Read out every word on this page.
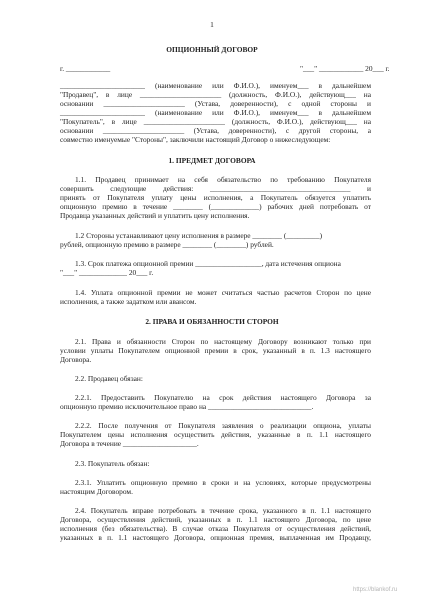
1
ОПЦИОННЫЙ ДОГОВОР
г. ____________	"___" ____________ 20___ г.
_______________________ (наименование или Ф.И.О.), именуем___ в дальнейшем
"Продавец", в лице ______________________ (должность, Ф.И.О.), действующ___ на
основании ______________________ (Устава, доверенности), с одной стороны и
_______________________ (наименование или Ф.И.О.), именуем___ в дальнейшем
"Покупатель", в лице ______________________ (должность, Ф.И.О.), действующ___ на
основании ______________________ (Устава, доверенности), с другой стороны, а
совместно именуемые "Стороны", заключили настоящий Договор о нижеследующем:
1. ПРЕДМЕТ ДОГОВОРА
1.1. Продавец принимает на себя обязательство по требованию Покупателя
совершить следующие действия: ______________________________________ и
принять от Покупателя уплату цены исполнения, а Покупатель обязуется уплатить
опционную премию в течение ________ (_____________) рабочих дней потребовать от
Продавца указанных действий и уплатить цену исполнения.
1.2 Стороны устанавливают цену исполнения в размере ________ (_________)
рублей, опционную премию в размере ________ (________) рублей.
1.3. Срок платежа опционной премии __________________, дата истечения опциона
"___" _____________ 20___ г.
1.4. Уплата опционной премии не может считаться частью расчетов Сторон по цене
исполнения, а также задатком или авансом.
2. ПРАВА И ОБЯЗАННОСТИ СТОРОН
2.1. Права и обязанности Сторон по настоящему Договору возникают только при
условии уплаты Покупателем опционной премии в срок, указанный в п. 1.3 настоящего
Договора.
2.2. Продавец обязан:
2.2.1. Предоставить Покупателю на срок действия настоящего Договора за
опционную премию исключительное право на ____________________________.
2.2.2. После получения от Покупателя заявления о реализации опциона, уплаты
Покупателем цены исполнения осуществить действия, указанные в п. 1.1 настоящего
Договора в течение ____________________.
2.3. Покупатель обязан:
2.3.1. Уплатить опционную премию в сроки и на условиях, которые предусмотрены
настоящим Договором.
2.4. Покупатель вправе потребовать в течение срока, указанного в п. 1.1 настоящего
Договора, осуществления действий, указанных в п. 1.1 настоящего Договора, по цене
исполнения (без обязательства). В случае отказа Покупателя от осуществления действий,
указанных в п. 1.1 настоящего Договора, опционная премия, выплаченная им Продавцу,
https://blankof.ru
